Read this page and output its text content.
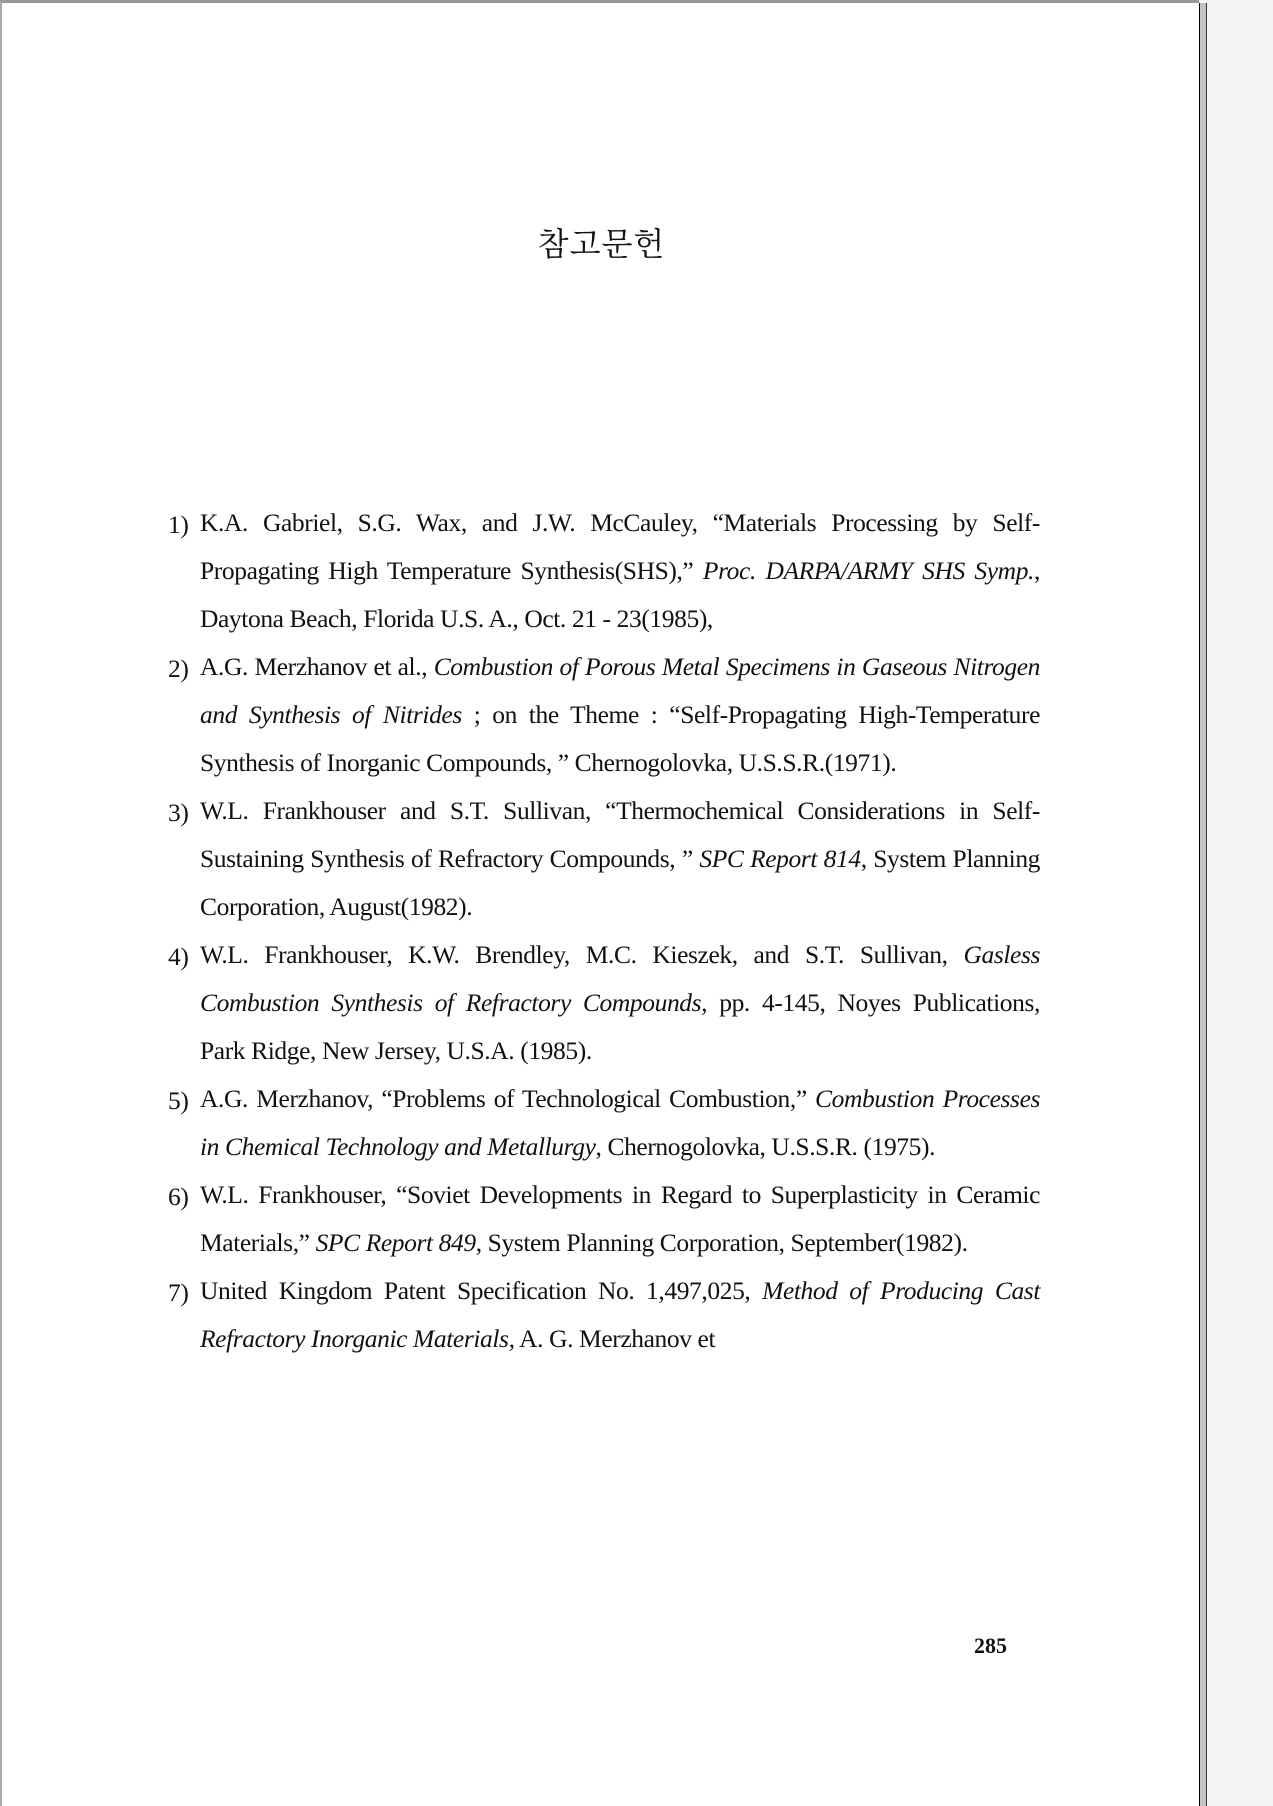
참고문헌
1) K.A. Gabriel, S.G. Wax, and J.W. McCauley, “Materials Processing by Self-Propagating High Temperature Synthesis(SHS),” Proc. DARPA/ARMY SHS Symp., Daytona Beach, Florida U.S. A., Oct. 21 - 23(1985),
2) A.G. Merzhanov et al., Combustion of Porous Metal Specimens in Gaseous Nitrogen and Synthesis of Nitrides ; on the Theme : “Self-Propagating High-Temperature Synthesis of Inorganic Compounds, ” Chernogolovka, U.S.S.R.(1971).
3) W.L. Frankhouser and S.T. Sullivan, “Thermochemical Considerations in Self-Sustaining Synthesis of Refractory Compounds, ” SPC Report 814, System Planning Corporation, August(1982).
4) W.L. Frankhouser, K.W. Brendley, M.C. Kieszek, and S.T. Sullivan, Gasless Combustion Synthesis of Refractory Compounds, pp. 4-145, Noyes Publications, Park Ridge, New Jersey, U.S.A. (1985).
5) A.G. Merzhanov, “Problems of Technological Combustion,” Combustion Processes in Chemical Technology and Metallurgy, Chernogolovka, U.S.S.R. (1975).
6) W.L. Frankhouser, “Soviet Developments in Regard to Superplasticity in Ceramic Materials,” SPC Report 849, System Planning Corporation, September(1982).
7) United Kingdom Patent Specification No. 1,497,025, Method of Producing Cast Refractory Inorganic Materials, A. G. Merzhanov et
285
